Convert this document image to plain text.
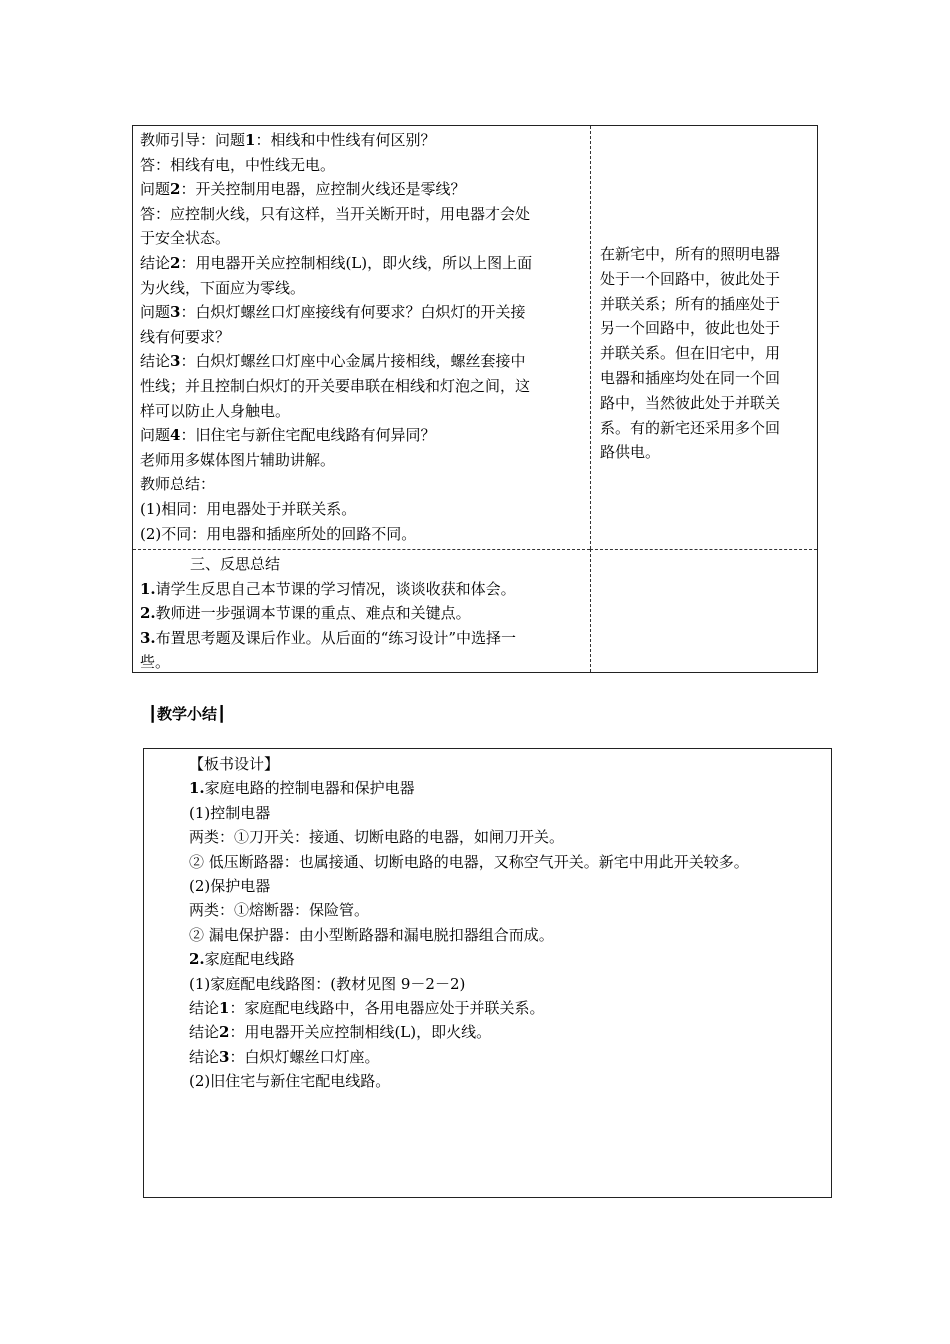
教师引导：问题1：相线和中性线有何区别？
答：相线有电，中性线无电。
问题2：开关控制用电器，应控制火线还是零线？
答：应控制火线，只有这样，当开关断开时，用电器才会处
于安全状态。
结论2：用电器开关应控制相线(L)，即火线，所以上图上面
为火线，下面应为零线。
问题3：白炽灯螺丝口灯座接线有何要求？白炽灯的开关接
线有何要求？
结论3：白炽灯螺丝口灯座中心金属片接相线，螺丝套接中
性线；并且控制白炽灯的开关要串联在相线和灯泡之间，这
样可以防止人身触电。
问题4：旧住宅与新住宅配电线路有何异同？
老师用多媒体图片辅助讲解。
教师总结：
(1)相同：用电器处于并联关系。
(2)不同：用电器和插座所处的回路不同。
在新宅中，所有的照明电器
处于一个回路中，彼此处于
并联关系；所有的插座处于
另一个回路中，彼此也处于
并联关系。但在旧宅中，用
电器和插座均处在同一个回
路中，当然彼此处于并联关
系。有的新宅还采用多个回
路供电。
三、反思总结
1.请学生反思自己本节课的学习情况，谈谈收获和体会。
2.教师进一步强调本节课的重点、难点和关键点。
3.布置思考题及课后作业。从后面的“练习设计”中选择一
些。
┃教学小结┃
【板书设计】
1.家庭电路的控制电器和保护电器
(1)控制电器
两类：①刀开关：接通、切断电路的电器，如闸刀开关。
② 低压断路器：也属接通、切断电路的电器，又称空气开关。新宅中用此开关较多。
(2)保护电器
两类：①熔断器：保险管。
② 漏电保护器：由小型断路器和漏电脱扣器组合而成。
2.家庭配电线路
(1)家庭配电线路图：(教材见图 9－2－2)
结论1：家庭配电线路中，各用电器应处于并联关系。
结论2：用电器开关应控制相线(L)，即火线。
结论3：白炽灯螺丝口灯座。
(2)旧住宅与新住宅配电线路。
